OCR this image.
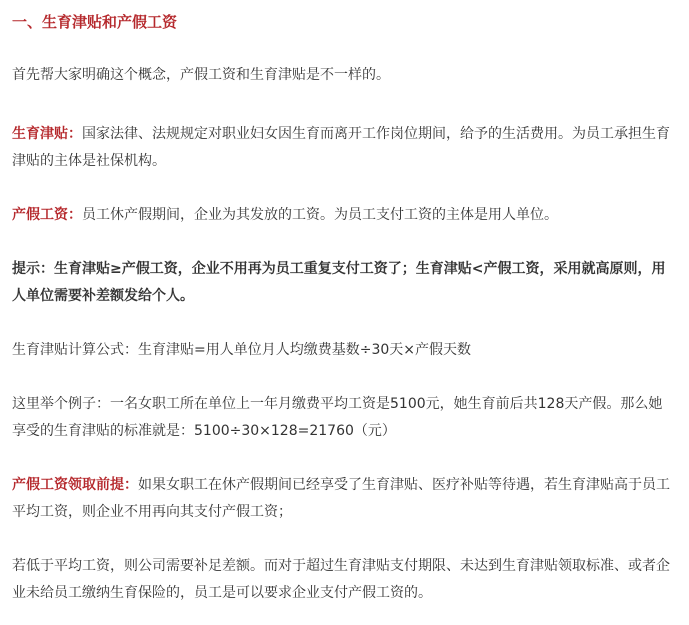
一、生育津贴和产假工资

首先帮大家明确这个概念，产假工资和生育津贴是不一样的。

生育津贴：国家法律、法规规定对职业妇女因生育而离开工作岗位期间，给予的生活费用。为员工承担生育津贴的主体是社保机构。

产假工资：员工休产假期间，企业为其发放的工资。为员工支付工资的主体是用人单位。

提示：生育津贴≥产假工资，企业不用再为员工重复支付工资了；生育津贴<产假工资，采用就高原则，用人单位需要补差额发给个人。

生育津贴计算公式：生育津贴=用人单位月人均缴费基数÷30天×产假天数

这里举个例子：一名女职工所在单位上一年月缴费平均工资是5100元，她生育前后共128天产假。那么她享受的生育津贴的标准就是：5100÷30×128=21760（元）

产假工资领取前提：如果女职工在休产假期间已经享受了生育津贴、医疗补贴等待遇，若生育津贴高于员工平均工资，则企业不用再向其支付产假工资；

若低于平均工资，则公司需要补足差额。而对于超过生育津贴支付期限、未达到生育津贴领取标准、或者企业未给员工缴纳生育保险的，员工是可以要求企业支付产假工资的。
